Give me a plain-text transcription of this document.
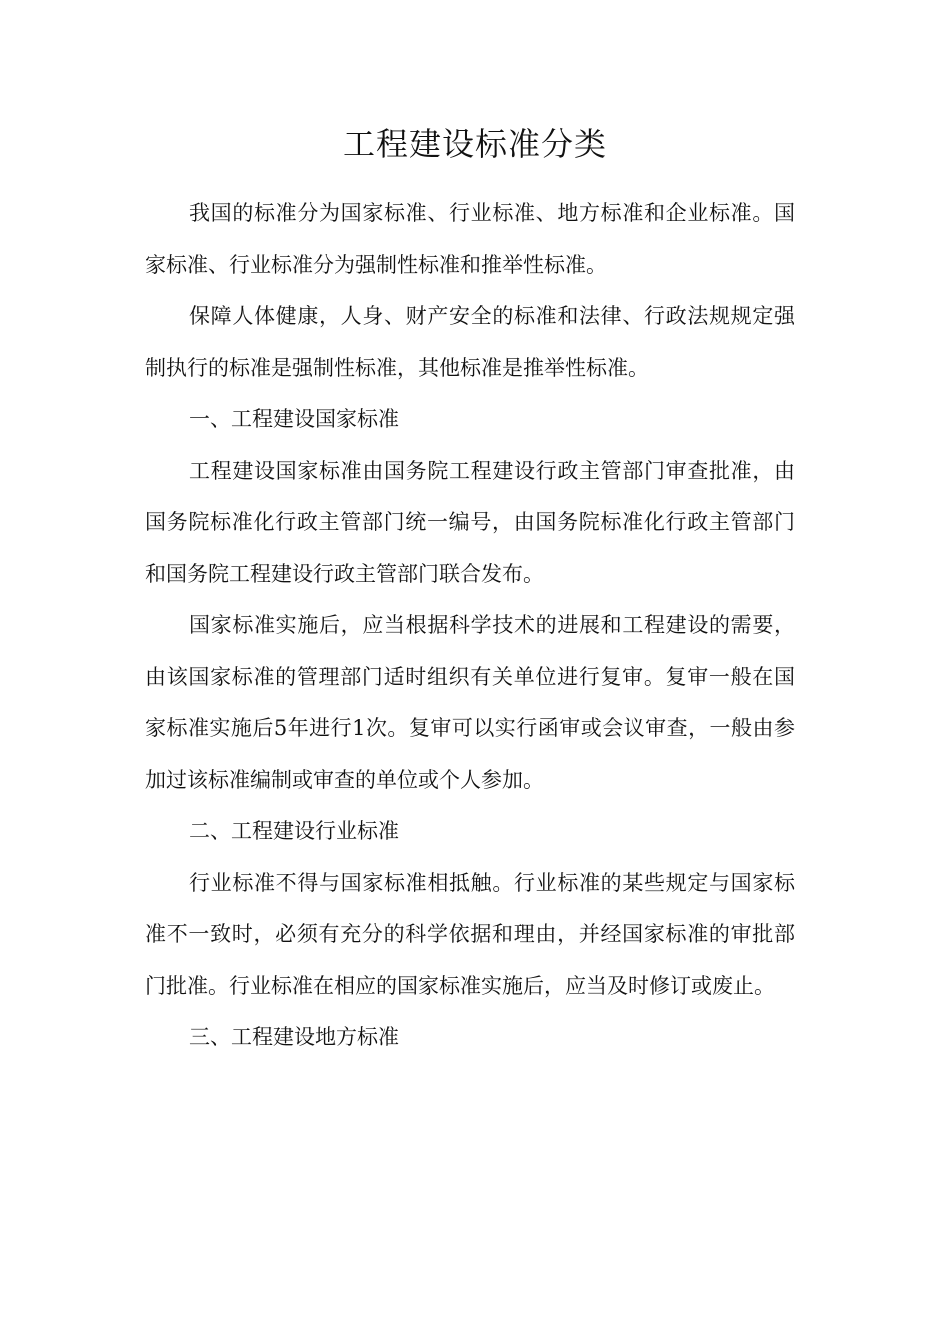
工程建设标准分类

我国的标准分为国家标准、行业标准、地方标准和企业标准。国家标准、行业标准分为强制性标准和推举性标准。

保障人体健康，人身、财产安全的标准和法律、行政法规规定强制执行的标准是强制性标准，其他标准是推举性标准。

一、工程建设国家标准

工程建设国家标准由国务院工程建设行政主管部门审查批准，由国务院标准化行政主管部门统一编号，由国务院标准化行政主管部门和国务院工程建设行政主管部门联合发布。

国家标准实施后，应当根据科学技术的进展和工程建设的需要，由该国家标准的管理部门适时组织有关单位进行复审。复审一般在国家标准实施后5年进行1次。复审可以实行函审或会议审查，一般由参加过该标准编制或审查的单位或个人参加。

二、工程建设行业标准

行业标准不得与国家标准相抵触。行业标准的某些规定与国家标准不一致时，必须有充分的科学依据和理由，并经国家标准的审批部门批准。行业标准在相应的国家标准实施后，应当及时修订或废止。

三、工程建设地方标准
